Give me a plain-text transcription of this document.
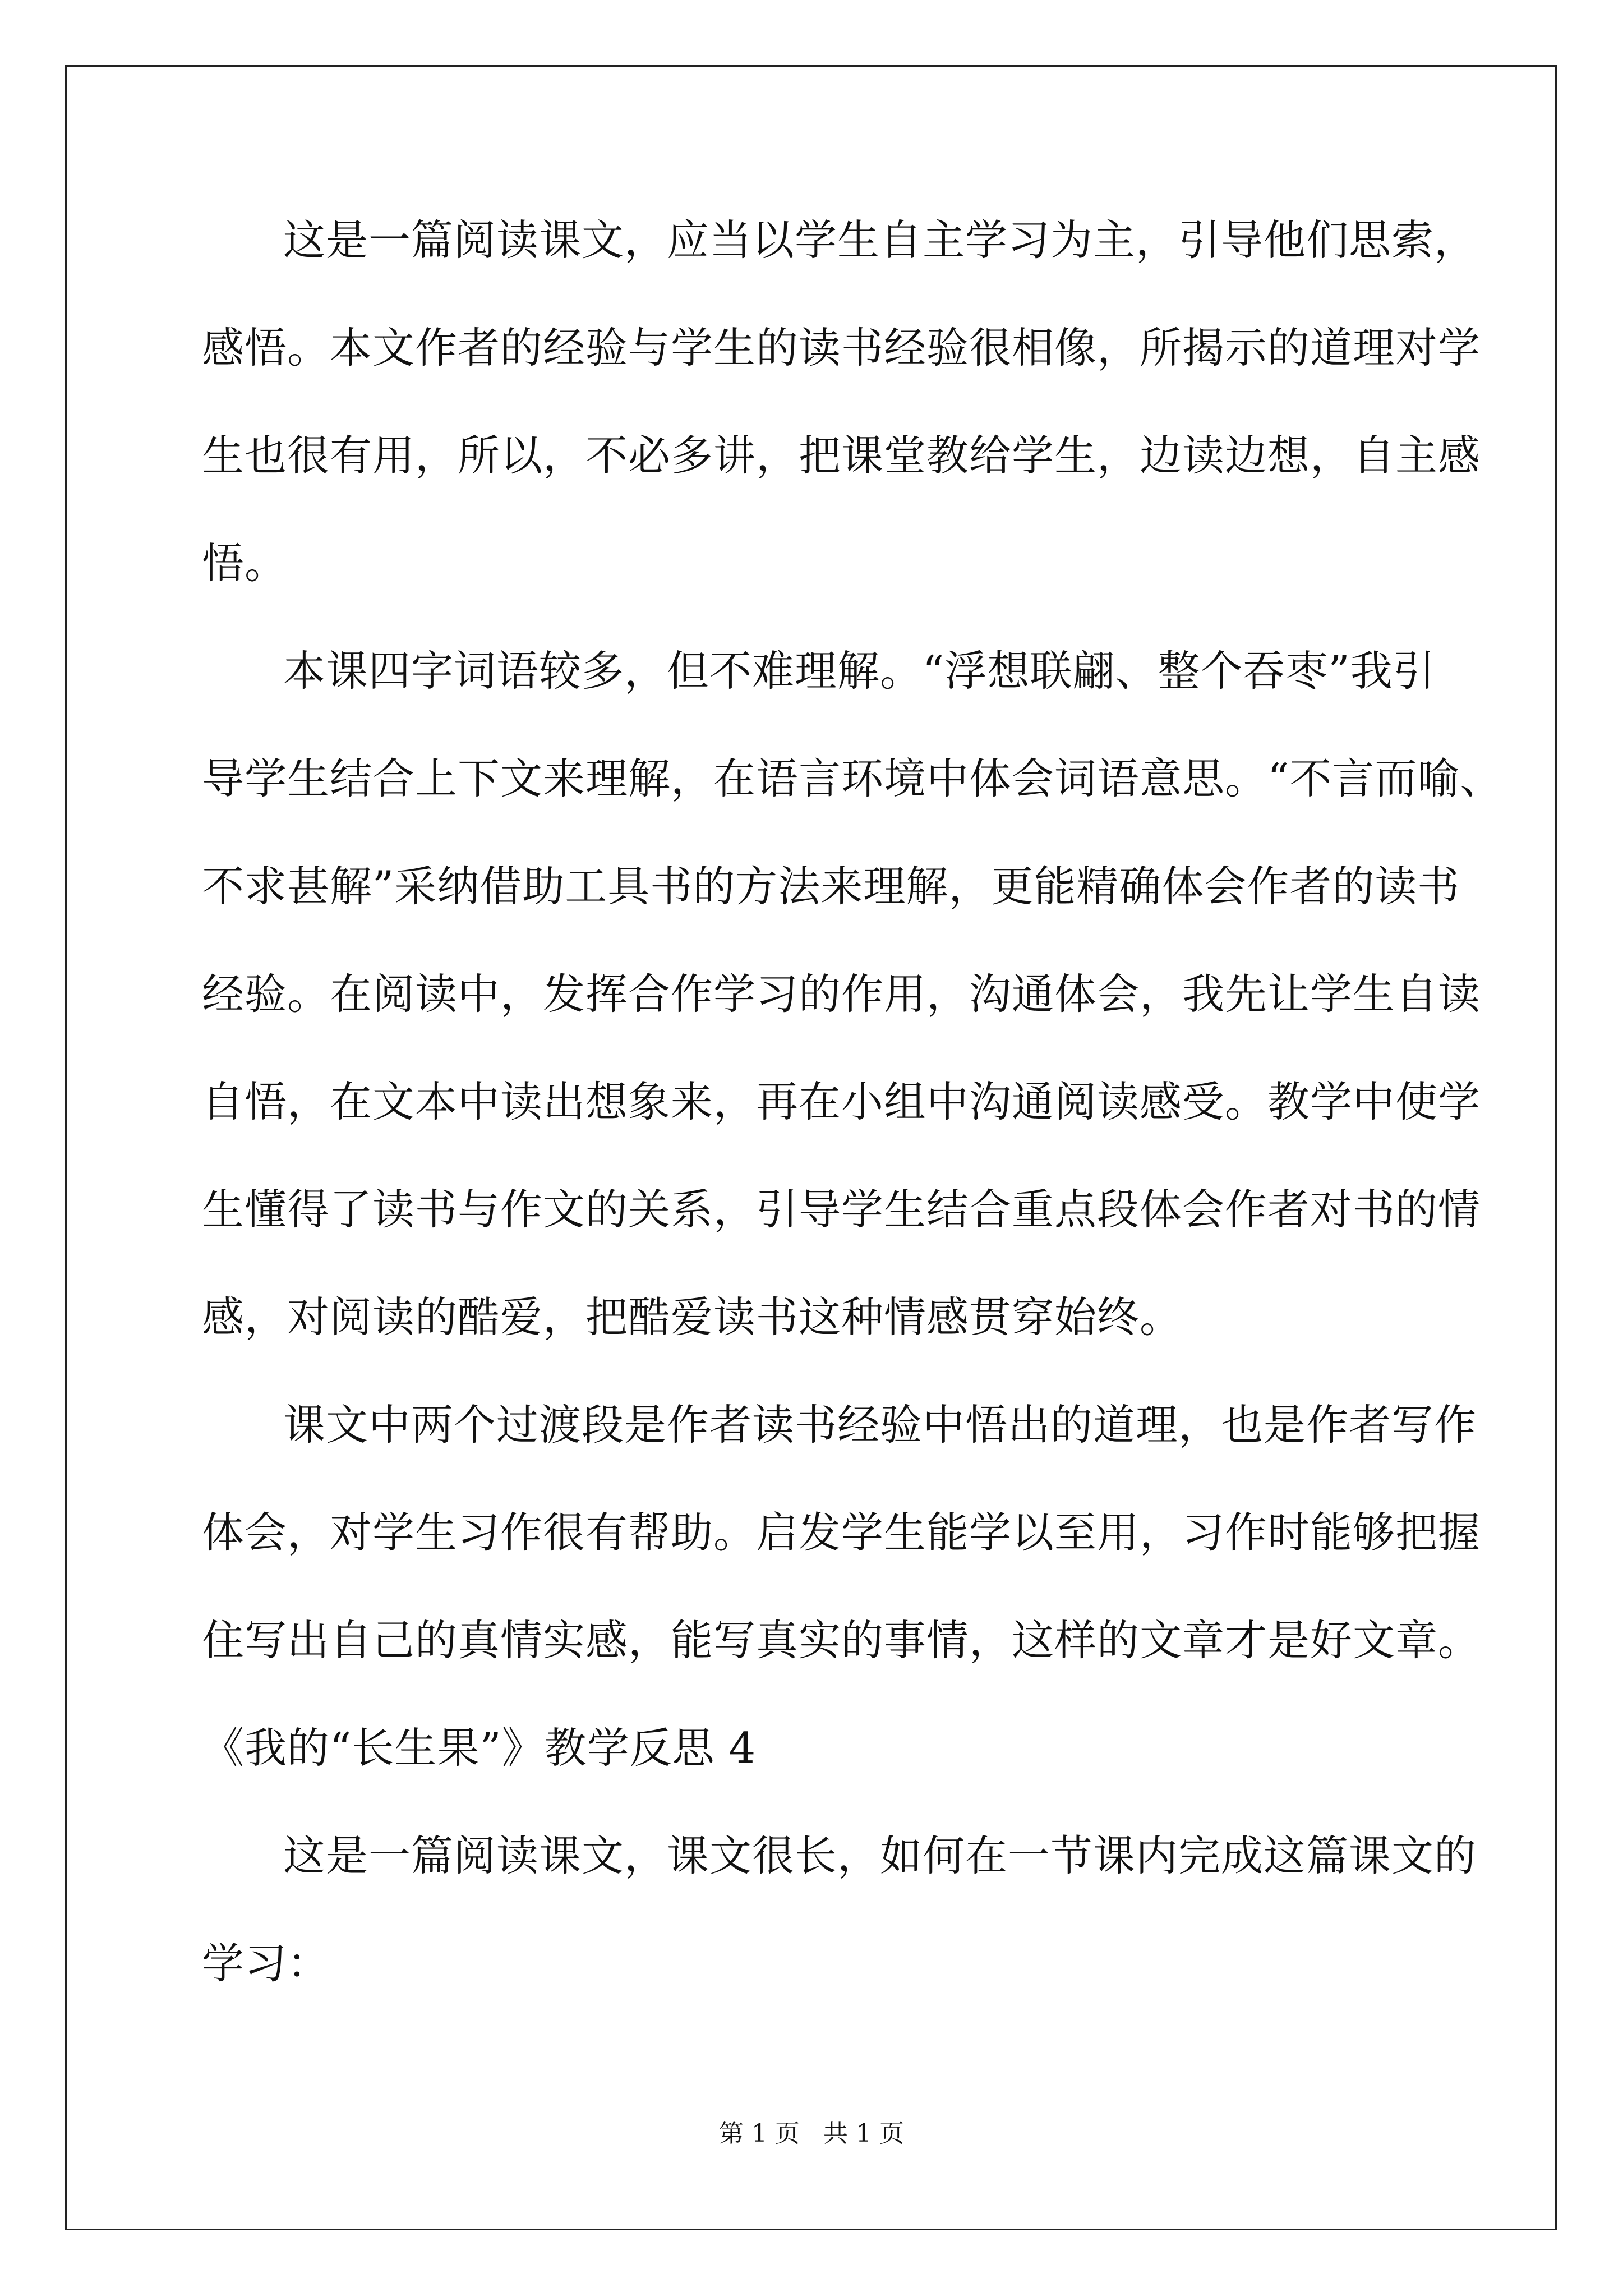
这是一篇阅读课文，应当以学生自主学习为主，引导他们思索，
感悟。本文作者的经验与学生的读书经验很相像，所揭示的道理对学
生也很有用，所以，不必多讲，把课堂教给学生，边读边想，自主感
悟。
本课四字词语较多，但不难理解。“浮想联翩、整个吞枣”我引
导学生结合上下文来理解，在语言环境中体会词语意思。“不言而喻、
不求甚解”采纳借助工具书的方法来理解，更能精确体会作者的读书
经验。在阅读中，发挥合作学习的作用，沟通体会，我先让学生自读
自悟，在文本中读出想象来，再在小组中沟通阅读感受。教学中使学
生懂得了读书与作文的关系，引导学生结合重点段体会作者对书的情
感，对阅读的酷爱，把酷爱读书这种情感贯穿始终。
课文中两个过渡段是作者读书经验中悟出的道理，也是作者写作
体会，对学生习作很有帮助。启发学生能学以至用，习作时能够把握
住写出自己的真情实感，能写真实的事情，这样的文章才是好文章。
《我的“长生果”》教学反思 4
这是一篇阅读课文，课文很长，如何在一节课内完成这篇课文的
学习：
第 1 页   共 1 页
